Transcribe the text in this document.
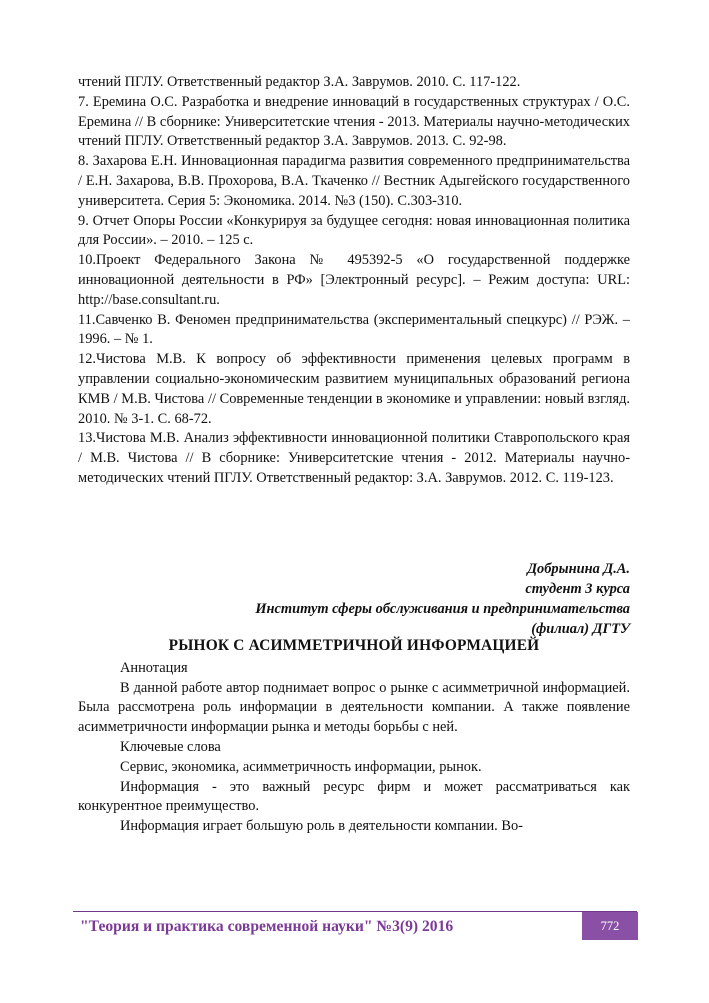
чтений ПГЛУ. Ответственный редактор З.А. Заврумов. 2010. С. 117-122.

7. Еремина О.С. Разработка и внедрение инноваций в государственных структурах / О.С. Еремина // В сборнике: Университетские чтения - 2013. Материалы научно-методических чтений ПГЛУ. Ответственный редактор З.А. Заврумов. 2013. С. 92-98.

8. Захарова Е.Н. Инновационная парадигма развития современного предпринимательства / Е.Н. Захарова, В.В. Прохорова, В.А. Ткаченко // Вестник Адыгейского государственного университета. Серия 5: Экономика. 2014. №3 (150). С.303-310.

9. Отчет Опоры России «Конкурируя за будущее сегодня: новая инновационная политика для России». – 2010. – 125 с.

10.Проект Федерального Закона № 495392-5 «О государственной поддержке инновационной деятельности в РФ» [Электронный ресурс]. – Режим доступа: URL: http://base.consultant.ru.

11.Савченко В. Феномен предпринимательства (экспериментальный спецкурс) // РЭЖ. –1996. – № 1.

12.Чистова М.В. К вопросу об эффективности применения целевых программ в управлении социально-экономическим развитием муниципальных образований региона КМВ / М.В. Чистова // Современные тенденции в экономике и управлении: новый взгляд. 2010. № 3-1. С. 68-72.

13.Чистова М.В. Анализ эффективности инновационной политики Ставропольского края / М.В. Чистова // В сборнике: Университетские чтения - 2012. Материалы научно-методических чтений ПГЛУ. Ответственный редактор: З.А. Заврумов. 2012. С. 119-123.

Добрынина Д.А.
студент 3 курса
Институт сферы обслуживания и предпринимательства
(филиал) ДГТУ
РЫНОК С АСИММЕТРИЧНОЙ ИНФОРМАЦИЕЙ

Аннотация

В данной работе автор поднимает вопрос о рынке с асимметричной информацией. Была рассмотрена роль информации в деятельности компании. А также появление асимметричности информации рынка и методы борьбы с ней.

Ключевые слова

Сервис, экономика, асимметричность информации, рынок.

Информация - это важный ресурс фирм и может рассматриваться как конкурентное преимущество.

Информация играет большую роль в деятельности компании. Во-

"Теория и практика современной науки" №3(9) 2016	772
